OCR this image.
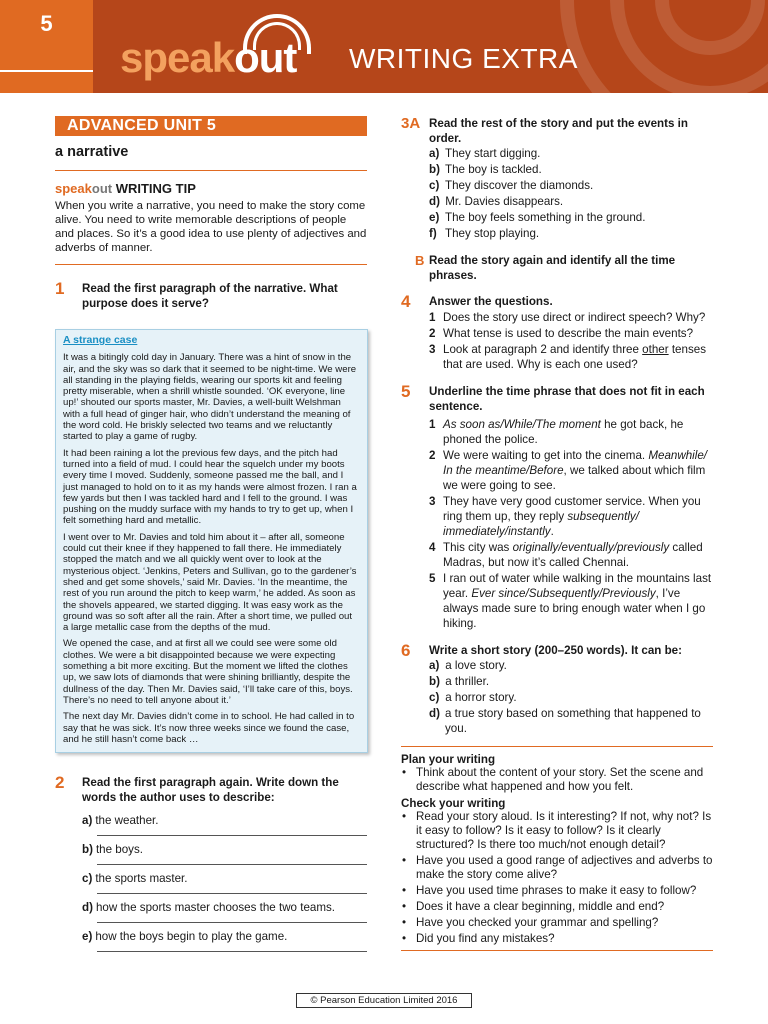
5
speakout WRITING EXTRA
ADVANCED UNIT 5
a narrative
speakout WRITING TIP
When you write a narrative, you need to make the story come alive. You need to write memorable descriptions of people and places. So it’s a good idea to use plenty of adjectives and adverbs of manner.
1	Read the first paragraph of the narrative. What purpose does it serve?
A strange case

It was a bitingly cold day in January. There was a hint of snow in the air, and the sky was so dark that it seemed to be night-time. We were all standing in the playing fields, wearing our sports kit and feeling pretty miserable, when a shrill whistle sounded. ‘OK everyone, line up!’ shouted our sports master, Mr. Davies, a well-built Welshman with a full head of ginger hair, who didn’t understand the meaning of the word cold. He briskly selected two teams and we reluctantly started to play a game of rugby.

It had been raining a lot the previous few days, and the pitch had turned into a field of mud. I could hear the squelch under my boots every time I moved. Suddenly, someone passed me the ball, and I just managed to hold on to it as my hands were almost frozen. I ran a few yards but then I was tackled hard and I fell to the ground. I was pushing on the muddy surface with my hands to try to get up, when I felt something hard and metallic.

I went over to Mr. Davies and told him about it – after all, someone could cut their knee if they happened to fall there. He immediately stopped the match and we all quickly went over to look at the mysterious object. ‘Jenkins, Peters and Sullivan, go to the gardener’s shed and get some shovels,’ said Mr. Davies. ‘In the meantime, the rest of you run around the pitch to keep warm,’ he added. As soon as the shovels appeared, we started digging. It was easy work as the ground was so soft after all the rain. After a short time, we pulled out a large metallic case from the depths of the mud.

We opened the case, and at first all we could see were some old clothes. We were a bit disappointed because we were expecting something a bit more exciting. But the moment we lifted the clothes up, we saw lots of diamonds that were shining brilliantly, despite the dullness of the day. Then Mr. Davies said, ‘I’ll take care of this, boys. There’s no need to tell anyone about it.’

The next day Mr. Davies didn’t come in to school. He had called in to say that he was sick. It’s now three weeks since we found the case, and he still hasn’t come back …

2	Read the first paragraph again. Write down the words the author uses to describe:
a) the weather.
b) the boys.
c) the sports master.
d) how the sports master chooses the two teams.
e) how the boys begin to play the game.
3A Read the rest of the story and put the events in order.
a) They start digging.
b) The boy is tackled.
c) They discover the diamonds.
d) Mr. Davies disappears.
e) The boy feels something in the ground.
f) They stop playing.
B Read the story again and identify all the time phrases.
4	Answer the questions.
1 Does the story use direct or indirect speech? Why?
2 What tense is used to describe the main events?
3 Look at paragraph 2 and identify three other tenses that are used. Why is each one used?
5	Underline the time phrase that does not fit in each sentence.
1 As soon as/While/The moment he got back, he phoned the police.
2 We were waiting to get into the cinema. Meanwhile/ In the meantime/Before, we talked about which film we were going to see.
3 They have very good customer service. When you ring them up, they reply subsequently/ immediately/instantly.
4 This city was originally/eventually/previously called Madras, but now it’s called Chennai.
5 I ran out of water while walking in the mountains last year. Ever since/Subsequently/Previously, I’ve always made sure to bring enough water when I go hiking.
6	Write a short story (200–250 words). It can be:
a) a love story.
b) a thriller.
c) a horror story.
d) a true story based on something that happened to you.
Plan your writing
• Think about the content of your story. Set the scene and describe what happened and how you felt.
Check your writing
• Read your story aloud. Is it interesting? If not, why not? Is it easy to follow? Is it easy to follow? Is it clearly structured? Is there too much/not enough detail?
• Have you used a good range of adjectives and adverbs to make the story come alive?
• Have you used time phrases to make it easy to follow?
• Does it have a clear beginning, middle and end?
• Have you checked your grammar and spelling?
• Did you find any mistakes?
© Pearson Education Limited 2016
